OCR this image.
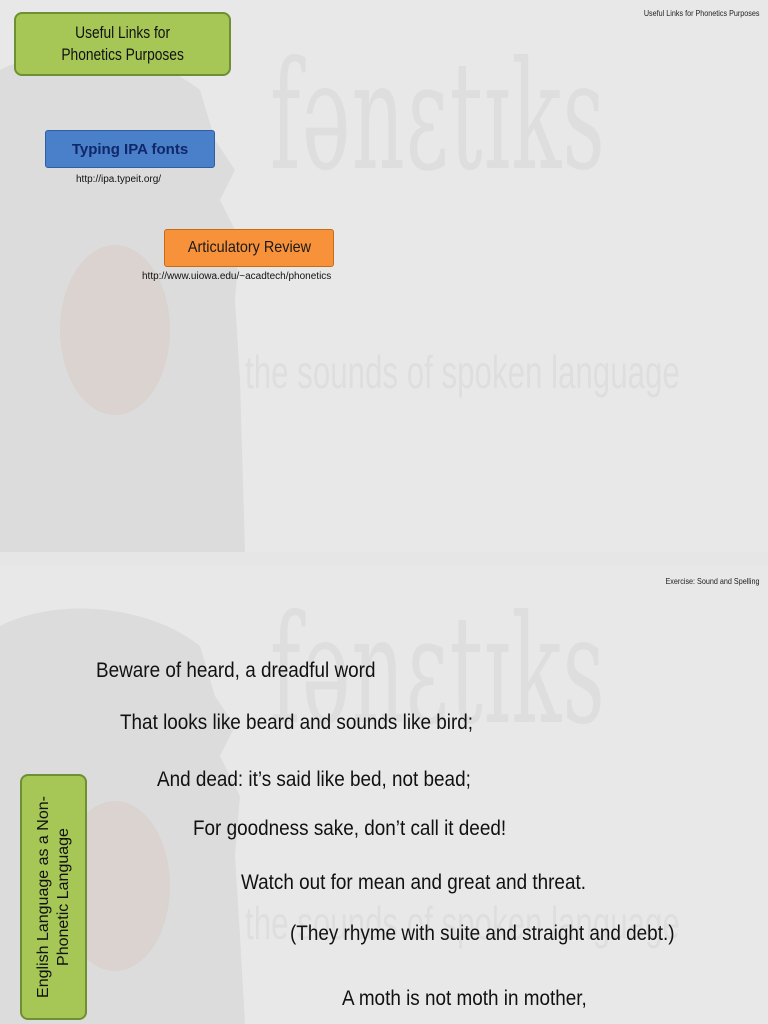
Useful Links for Phonetics Purposes
Useful Links for
Phonetics Purposes
Typing IPA fonts
http://ipa.typeit.org/
Articulatory Review
http://www.uiowa.edu/~acadtech/phonetics
Exercise: Sound and Spelling
English Language as a Non-Phonetic Language
Beware of heard, a dreadful word
That looks like beard and sounds like bird;
And dead: it’s said like bed, not bead;
For goodness sake, don’t call it deed!
Watch out for mean and great and threat.
(They rhyme with suite and straight and debt.)
A moth is not moth in mother,
